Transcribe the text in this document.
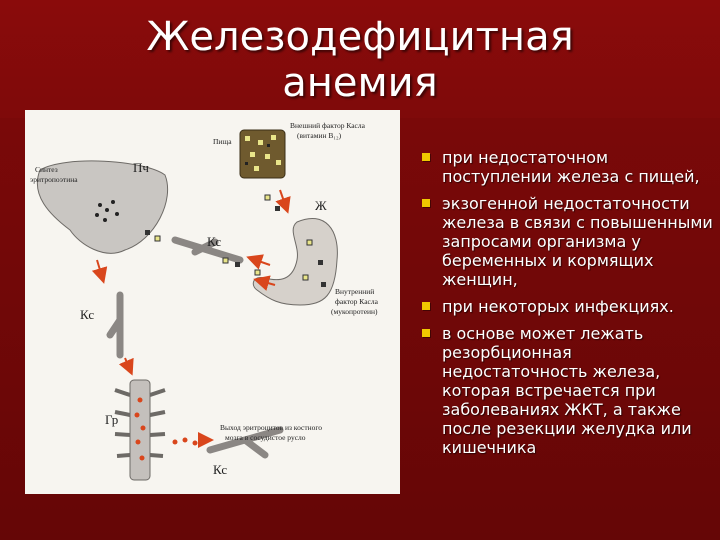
Железодефицитная
анемия
Пища
Внешний фактор Касла
(витамин B₁₂)
Ж
Пч
Синтез
эритропоэтина
Кс
Кс
Внутренний
фактор Касла
(мукопротеин)
Гр
Выход эритроцитов из костного
мозга в сосудистое русло
Кс
при недостаточном поступлении железа с пищей,
экзогенной недостаточности железа в связи с повышенными запросами организма у беременных и кормящих женщин,
при некоторых инфекциях.
в основе может лежать резорбционная недостаточность железа, которая встречается при заболеваниях ЖКТ, а также после резекции желудка или кишечника
